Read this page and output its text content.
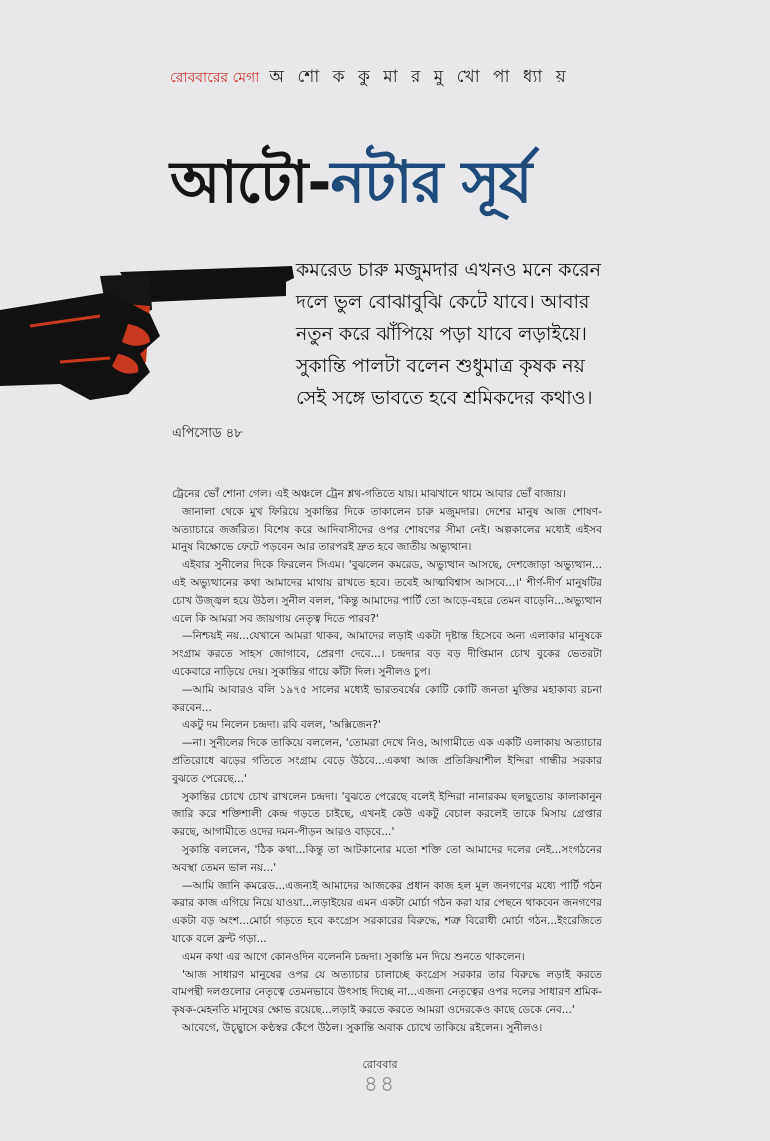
রোববারের মেগা অ শো ক কু মা র মু খো পা ধ্যা য়
আটো-নটার সূর্য

কমরেড চারু মজুমদার এখনও মনে করেন

দলে ভুল বোঝাবুঝি কেটে যাবে। আবার

নতুন করে ঝাঁপিয়ে পড়া যাবে লড়াইয়ে।

সুকান্তি পালটা বলেন শুধুমাত্র কৃষক নয়

সেই সঙ্গে ভাবতে হবে শ্রমিকদের কথাও।

এপিসোড ৪৮

ট্রেনের ভোঁ শোনা গেল। এই অঞ্চলে ট্রেন শ্লথ-গতিতে যায়। মাঝখানে থামে আবার ভোঁ বাজায়।

জানালা থেকে মুখ ফিরিয়ে সুকান্তির দিকে তাকালেন চারু মজুমদার। দেশের মানুষ আজ শোষণ-অত্যাচারে জর্জরিত। বিশেষ করে আদিবাসীদের ওপর শোষণের সীমা নেই। অল্পকালের মধ্যেই এইসব মানুষ বিক্ষোভে ফেটে পড়বেন আর তারপরই দ্রুত হবে জাতীয় অভ্যুত্থান।

এইবার সুনীলের দিকে ফিরলেন সিএম। 'বুঝলেন কমরেড, অভ্যুত্থান আসছে, দেশজোড়া অভ্যুত্থান... এই অভ্যুত্থানের কথা আমাদের মাথায় রাখতে হবে। তবেই আত্মবিশ্বাস আসবে...।' শীর্ণ-দীর্ণ মানুষটির চোখ উজ্জ্বল হয়ে উঠল। সুনীল বলল, 'কিন্তু আমাদের পার্টি তো আড়ে-বহরে তেমন বাড়েনি...অভ্যুত্থান এলে কি আমরা সব জায়গায় নেতৃত্ব দিতে পারব?'

—নিশ্চয়ই নয়...যেখানে আমরা থাকব, আমাদের লড়াই একটা দৃষ্টান্ত হিসেবে অন্য এলাকার মানুষকে সংগ্রাম করতে সাহস জোগাবে, প্রেরণা দেবে...। চন্দ্রদার বড় বড় দীপ্তিমান চোখ বুকের ভেতরটা একেবারে নাড়িয়ে দেয়। সুকান্তির গায়ে কাঁটা দিল। সুনীলও চুপ।

—আমি আবারও বলি ১৯৭৫ সালের মধ্যেই ভারতবর্ষের কোটি কোটি জনতা মুক্তির মহাকাব্য রচনা করবেন...

একটু দম নিলেন চন্দ্রদা। রবি বলল, 'অক্সিজেন?'

—না। সুনীলের দিকে তাকিয়ে বললেন, 'তোমরা দেখে নিও, আগামীতে এক একটি এলাকায় অত্যাচার প্রতিরোধে ঝড়ের গতিতে সংগ্রাম বেড়ে উঠবে...একথা আজ প্রতিক্রিয়াশীল ইন্দিরা গান্ধীর সরকার বুঝতে পেরেছে...'

সুকান্তির চোখে চোখ রাখলেন চন্দ্রদা। 'বুঝতে পেরেছে বলেই ইন্দিরা নানারকম ছলছুতোয় কালাকানুন জারি করে শক্তিশালী কেন্দ্র গড়তে চাইছে, এখনই কেউ একটু বেচাল করলেই তাকে মিসায় গ্রেপ্তার করছে, আগামীতে ওদের দমন-পীড়ন আরও বাড়বে...'

সুকান্তি বললেন, 'ঠিক কথা...কিন্তু তা আটকানোর মতো শক্তি তো আমাদের দলের নেই...সংগঠনের অবস্থা তেমন ভাল নয়...'

—আমি জানি কমরেড...এজন্যই আমাদের আজকের প্রধান কাজ হল মূল জনগণের মধ্যে পার্টি গঠন করার কাজ এগিয়ে নিয়ে যাওয়া...লড়াইয়ের এমন একটা মোর্চা গঠন করা যার পেছনে থাকবেন জনগণের একটা বড় অংশ...মোর্চা গড়তে হবে কংগ্রেস সরকারের বিরুদ্ধে, শত্রু বিরোধী মোর্চা গঠন...ইংরেজিতে যাকে বলে ফ্রন্ট গড়া...

এমন কথা এর আগে কোনওদিন বলেননি চন্দ্রদা। সুকান্তি মন দিয়ে শুনতে থাকলেন।

'আজ সাধারণ মানুষের ওপর যে অত্যাচার চালাচ্ছে কংগ্রেস সরকার তার বিরুদ্ধে লড়াই করতে বামপন্থী দলগুলোর নেতৃত্বে তেমনভাবে উৎসাহ দিচ্ছে না...এজন্য নেতৃত্বের ওপর দলের সাধারণ শ্রমিক-কৃষক-মেহনতি মানুষের ক্ষোভ রয়েছে...লড়াই করতে করতে আমরা ওদেরকেও কাছে ডেকে নেব...'

আবেগে, উচ্ছ্বাসে কণ্ঠস্বর কেঁপে উঠল। সুকান্তি অবাক চোখে তাকিয়ে রইলেন। সুনীলও।

রোববার
৪৪
